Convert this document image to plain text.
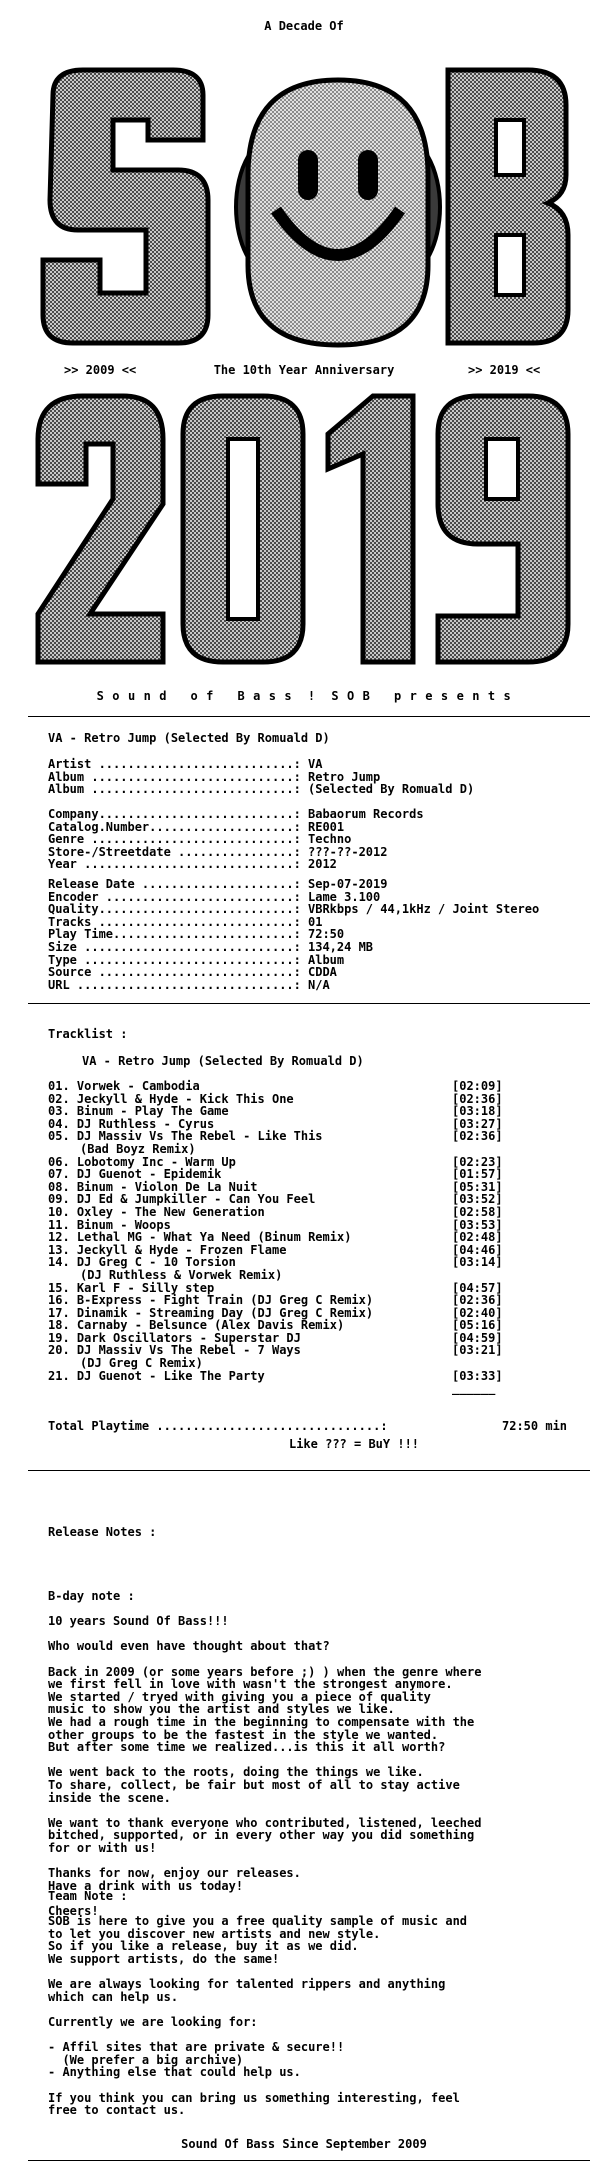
A Decade Of
The 10th Year Anniversary
>> 2009 <<	>> 2019 <<
S o u n d   o f   B a s s  !  S O B   p r e s e n t s

VA - Retro Jump (Selected By Romuald D)

Artist ...........................: VA
Album ............................: Retro Jump
Album ............................: (Selected By Romuald D)
Company...........................: Babaorum Records
Catalog.Number....................: RE001
Genre ............................: Techno
Store-/Streetdate ................: ???-??-2012
Year .............................: 2012
Release Date .....................: Sep-07-2019
Encoder ..........................: Lame 3.100
Quality...........................: VBRkbps / 44,1kHz / Joint Stereo
Tracks ...........................: 01
Play Time.........................: 72:50
Size .............................: 134,24 MB
Type .............................: Album
Source ...........................: CDDA
URL ..............................: N/A

Tracklist :

VA - Retro Jump (Selected By Romuald D)

01. Vorwek - Cambodia	[02:09]
02. Jeckyll & Hyde - Kick This One	[02:36]
03. Binum - Play The Game	[03:18]
04. DJ Ruthless - Cyrus	[03:27]
05. DJ Massiv Vs The Rebel - Like This	[02:36]
(Bad Boyz Remix)
06. Lobotomy Inc - Warm Up	[02:23]
07. DJ Guenot - Epidemik	[01:57]
08. Binum - Violon De La Nuit	[05:31]
09. DJ Ed & Jumpkiller - Can You Feel	[03:52]
10. Oxley - The New Generation	[02:58]
11. Binum - Woops	[03:53]
12. Lethal MG - What Ya Need (Binum Remix)	[02:48]
13. Jeckyll & Hyde - Frozen Flame	[04:46]
14. DJ Greg C - 10 Torsion	[03:14]
(DJ Ruthless & Vorwek Remix)
15. Karl F - Silly step	[04:57]
16. B-Express - Fight Train (DJ Greg C Remix)	[02:36]
17. Dinamik - Streaming Day (DJ Greg C Remix)	[02:40]
18. Carnaby - Belsunce (Alex Davis Remix)	[05:16]
19. Dark Oscillators - Superstar DJ	[04:59]
20. DJ Massiv Vs The Rebel - 7 Ways	[03:21]
(DJ Greg C Remix)
21. DJ Guenot - Like The Party	[03:33]

______

Total Playtime ...............................:	72:50 min
Like ??? = BuY !!!

Release Notes :

B-day note :

10 years Sound Of Bass!!!

Who would even have thought about that?

Back in 2009 (or some years before ;) ) when the genre where

we first fell in love with wasn't the strongest anymore.

We started / tryed with giving you a piece of quality

music to show you the artist and styles we like.

We had a rough time in the beginning to compensate with the

other groups to be the fastest in the style we wanted.

But after some time we realized...is this it all worth?

We went back to the roots, doing the things we like.

To share, collect, be fair but most of all to stay active

inside the scene.

We want to thank everyone who contributed, listened, leeched

bitched, supported, or in every other way you did something

for or with us!

Thanks for now, enjoy our releases.

Have a drink with us today!

Cheers!

Team Note :

SOB is here to give you a free quality sample of music and

to let you discover new artists and new style.

So if you like a release, buy it as we did.

We support artists, do the same!

We are always looking for talented rippers and anything

which can help us.

Currently we are looking for:

- Affil sites that are private & secure!!

(We prefer a big archive)

- Anything else that could help us.

If you think you can bring us something interesting, feel

free to contact us.

Sound Of Bass Since September 2009
